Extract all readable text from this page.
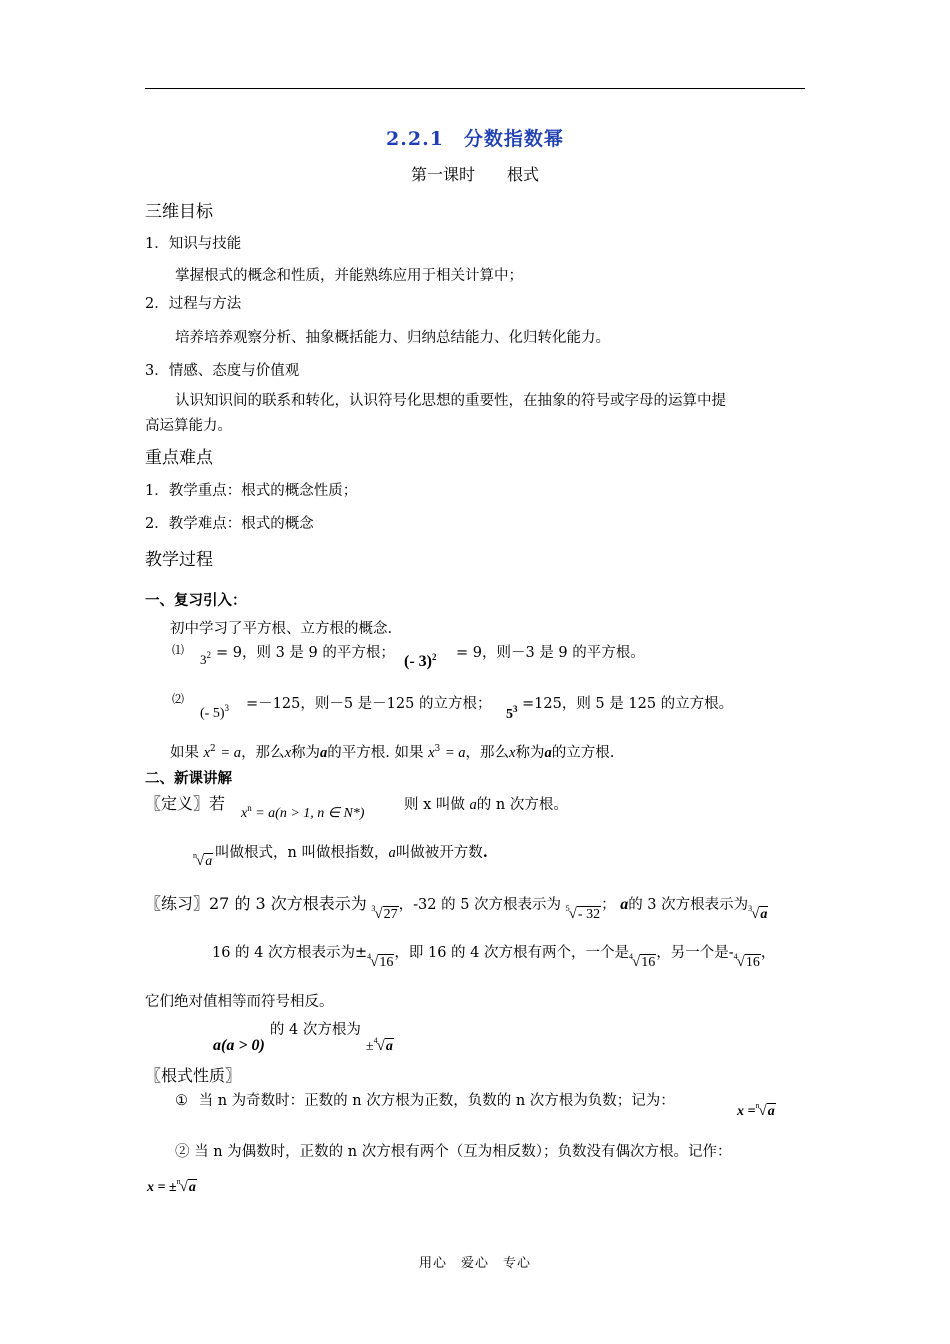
2.2.1　分数指数幂
第一课时　　根式
三维目标
1．知识与技能
掌握根式的概念和性质，并能熟练应用于相关计算中；
2．过程与方法
培养培养观察分析、抽象概括能力、归纳总结能力、化归转化能力。
3．情感、态度与价值观
认识知识间的联系和转化，认识符号化思想的重要性，在抽象的符号或字母的运算中提
高运算能力。
重点难点
1．教学重点：根式的概念性质；
2．教学难点：根式的概念
教学过程
一、复习引入：
初中学习了平方根、立方根的概念.
⑴
$3^2 = 9$，则 3 是 9 的平方根； (- 3)$^2$ = 9，则－3 是 9 的平方根。
⑵
(- 5)$^3$ =－125，则－5 是－125 的立方根；
$5^3 =125$，则 5 是 125 的立方根。
如果 $x^2 = a$，那么x称为a的平方根. 如果 $x^3 = a$，那么x称为a的立方根.
二、新课讲解
〖定义〗若
$x^n = a(n > 1$, n ∈ N*)
则 x 叫做 a的 n 次方根。
$^n$√a
叫做根式，n 叫做根指数，a叫做被开方数.
〖练习〗27 的 3 次方根表示为 $^3$√27，-32 的 5 次方根表示为 $^5$√- 32； a的 3 次方根表示为$^3$√a
16 的 4 次方根表示为±$^4$√16，即 16 的 4 次方根有两个，一个是$^4$√16，另一个是-$^4$√16，
它们绝对值相等而符号相反。
a(a > 0) 的 4 次方根为 ±$^4$√a
〖根式性质〗
① 当 n 为奇数时：正数的 n 次方根为正数，负数的 n 次方根为负数；记为：
x =$^n$√a
② 当 n 为偶数时，正数的 n 次方根有两个（互为相反数）；负数没有偶次方根。记作：
x = ±$^n$√a
用心　爱心　专心
